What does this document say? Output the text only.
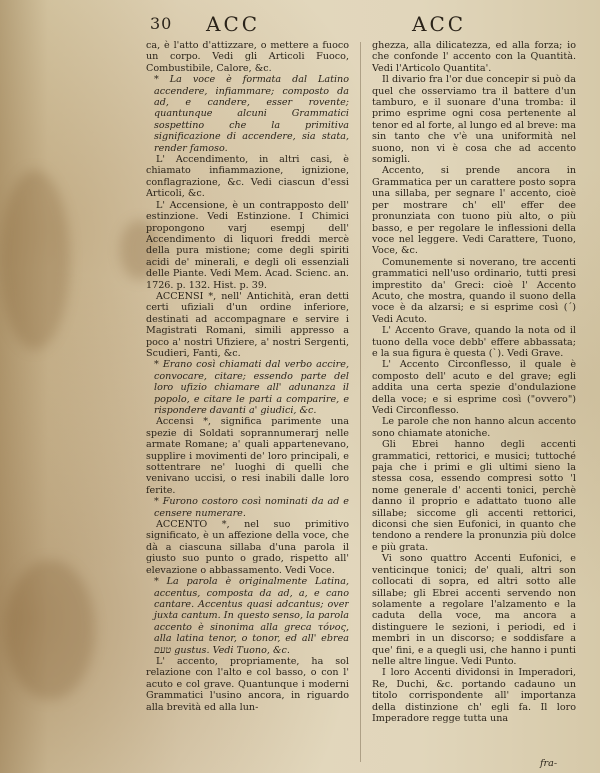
30 ACC	ACC

ca, è l'atto d'attizzare, o mettere a fuoco un corpo. Vedi gli Articoli Fuoco, Combustibile, Calore, &c.

* La voce è formata dal Latino accendere, infiammare; composto da ad, e candere, esser rovente; quantunque alcuni Grammatici sospettino che la primitiva significazione di accendere, sia stata, render famoso.

L' Accendimento, in altri casi, è chiamato infiammazione, ignizione, conflagrazione, &c. Vedi ciascun d'essi Articoli, &c.

L' Accensione, è un contrapposto dell' estinzione. Vedi Estinzione. I Chimici propongono varj esempj dell' Accendimento di liquori freddi mercè della pura mistione; come degli spiriti acidi de' minerali, e degli oli essenziali delle Piante. Vedi Mem. Acad. Scienc. an. 1726. p. 132. Hist. p. 39.

ACCENSI *, nell' Antichità, eran detti certi ufiziali d'un ordine inferiore, destinati ad accompagnare e servire i Magistrati Romani, simili appresso a poco a' nostri Ufiziere, a' nostri Sergenti, Scudieri, Fanti, &c.

* Erano così chiamati dal verbo accire, convocare, citare; essendo parte del loro ufizio chiamare all' adunanza il popolo, e citare le parti a comparire, e rispondere davanti a' giudici, &c.

Accensi *, significa parimente una spezie di Soldati soprannumerarj nelle armate Romane; a' quali appartenevano, supplire i movimenti de' loro principali, e sottentrare ne' luoghi di quelli che venivano uccisi, o resi inabili dalle loro ferite.

* Furono costoro così nominati da ad e censere numerare.

ACCENTO *, nel suo primitivo significato, è un affezione della voce, che dà a ciascuna sillaba d'una parola il giusto suo punto o grado, rispetto all' elevazione o abbassamento. Vedi Voce.

* La parola è originalmente Latina, accentus, composta da ad, a, e cano cantare. Accentus quasi adcantus; over juxta cantum. In questo senso, la parola accento è sinonima alla greca τόνος, alla latina tenor, o tonor, ed all' ebrea טעם gustus. Vedi Tuono, &c.

L' accento, propriamente, ha sol relazione con l'alto e col basso, o con l' acuto e col grave. Quantunque i moderni Grammatici l'usino ancora, in riguardo alla brevità ed alla lun-

ghezza, alla dilicatezza, ed alla forza; io che confonde l' accento con la Quantità. Vedi l'Articolo Quantita'.

Il divario fra l'or due concepir si può da quel che osserviamo tra il battere d'un tamburo, e il suonare d'una tromba: il primo esprime ogni cosa pertenente al tenor ed al forte, al lungo ed al breve: ma sin tanto che v'è una uniformità nel suono, non vi è cosa che ad accento somigli.

Accento, si prende ancora in Grammatica per un carattere posto sopra una sillaba, per segnare l' accento, cioè per mostrare ch' ell' effer dee pronunziata con tuono più alto, o più basso, e per regolare le inflessioni della voce nel leggere. Vedi Carattere, Tuono, Voce, &c.

Comunemente si noverano, tre accenti grammatici nell'uso ordinario, tutti presi imprestito da' Greci: cioè l' Accento Acuto, che mostra, quando il suono della voce è da alzarsi; e si esprime così (´) Vedi Acuto.

L' Accento Grave, quando la nota od il tuono della voce debb' effere abbassata; e la sua figura è questa (`). Vedi Grave.

L' Accento Circonflesso, il quale è composto dell' acuto e del grave; egli addita una certa spezie d'ondulazione della voce; e si esprime così ("ovvero") Vedi Circonflesso.

Le parole che non hanno alcun accento sono chiamate atoniche.

Gli Ebrei hanno degli accenti grammatici, rettorici, e musici; tuttoché paja che i primi e gli ultimi sieno la stessa cosa, essendo compresi sotto 'l nome generale d' accenti tonici, perchè danno il proprio e adattato tuono alle sillabe; siccome gli accenti rettorici, diconsi che sien Eufonici, in quanto che tendono a rendere la pronunzia più dolce e più grata.

Vi sono quattro Accenti Eufonici, e venticinque tonici; de' quali, altri son collocati di sopra, ed altri sotto alle sillabe; gli Ebrei accenti servendo non solamente a regolare l'alzamento e la caduta della voce, ma ancora a distinguere le sezioni, i periodi, ed i membri in un discorso; e soddisfare a que' fini, e a quegli usi, che hanno i punti nelle altre lingue. Vedi Punto.

I loro Accenti dividonsi in Imperadori, Re, Duchi, &c. portando cadauno un titolo corrispondente all' importanza della distinzione ch' egli fa. Il loro Imperadore regge tutta una

fra-
